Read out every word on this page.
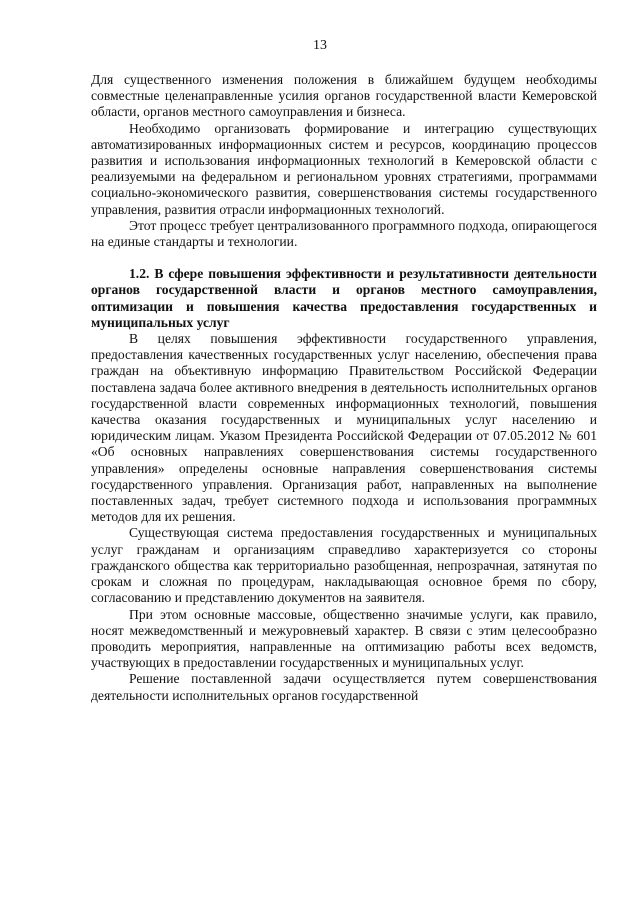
13

Для существенного изменения положения в ближайшем будущем необходимы совместные целенаправленные усилия органов государственной власти Кемеровской области, органов местного самоуправления и бизнеса.

Необходимо организовать формирование и интеграцию существующих автоматизированных информационных систем и ресурсов, координацию процессов развития и использования информационных технологий в Кемеровской области с реализуемыми на федеральном и региональном уровнях стратегиями, программами социально-экономического развития, совершенствования системы государственного управления, развития отрасли информационных технологий.

Этот процесс требует централизованного программного подхода, опирающегося на единые стандарты и технологии.

1.2. В сфере повышения эффективности и результативности деятельности органов государственной власти и органов местного самоуправления, оптимизации и повышения качества предоставления государственных и муниципальных услуг

В целях повышения эффективности государственного управления, предоставления качественных государственных услуг населению, обеспечения права граждан на объективную информацию Правительством Российской Федерации поставлена задача более активного внедрения в деятельность исполнительных органов государственной власти современных информационных технологий, повышения качества оказания государственных и муниципальных услуг населению и юридическим лицам. Указом Президента Российской Федерации от 07.05.2012 № 601 «Об основных направлениях совершенствования системы государственного управления» определены основные направления совершенствования системы государственного управления. Организация работ, направленных на выполнение поставленных задач, требует системного подхода и использования программных методов для их решения.

Существующая система предоставления государственных и муниципальных услуг гражданам и организациям справедливо характеризуется со стороны гражданского общества как территориально разобщенная, непрозрачная, затянутая по срокам и сложная по процедурам, накладывающая основное бремя по сбору, согласованию и представлению документов на заявителя.

При этом основные массовые, общественно значимые услуги, как правило, носят межведомственный и межуровневый характер. В связи с этим целесообразно проводить мероприятия, направленные на оптимизацию работы всех ведомств, участвующих в предоставлении государственных и муниципальных услуг.

Решение поставленной задачи осуществляется путем совершенствования деятельности исполнительных органов государственной
